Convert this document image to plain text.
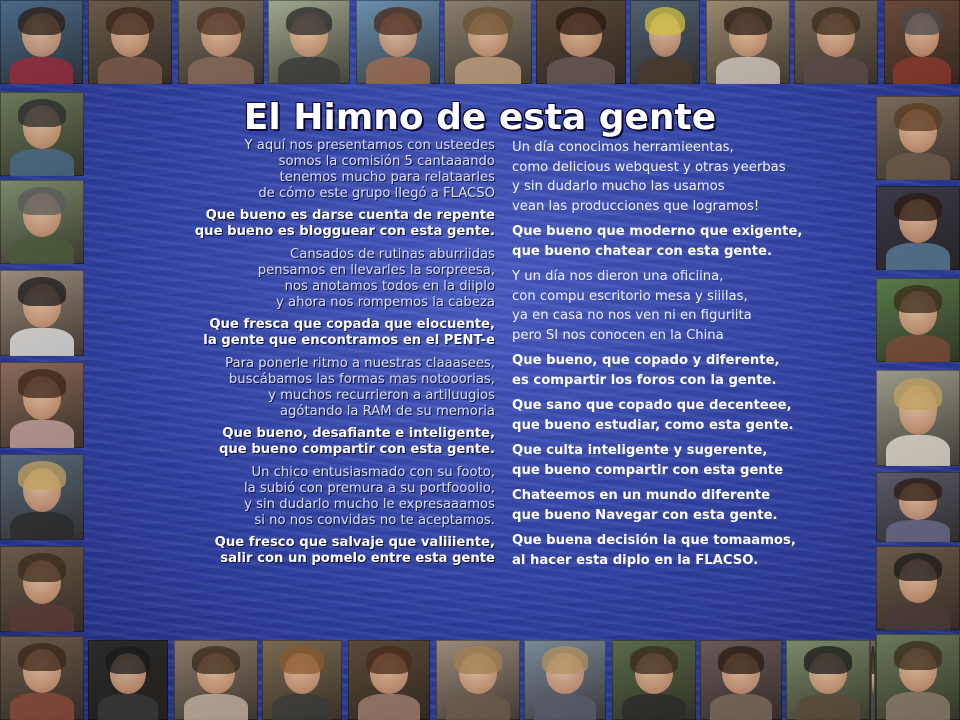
El Himno de esta gente
Y aquí nos presentamos con usteedes
somos la comisión 5 cantaaando
tenemos mucho para relataarles
de cómo este grupo llegó a FLACSO
Que bueno es darse cuenta de repente
que bueno es blogguear con esta gente.
Cansados de rutinas aburriidas
pensamos en llevarles la sorpreesa,
nos anotamos todos en la diiplo
y ahora nos rompemos la cabeza
Que fresca que copada que elocuente,
la gente que encontramos en el PENT-e
Para ponerle ritmo a nuestras claaasees,
buscábamos las formas mas notooorias,
y muchos recurrieron a artiluugios
agótando la RAM de su memoria
Que bueno, desafiante e inteligente,
que bueno compartir con esta gente.
Un chico entusiasmado con su footo,
la subió con premura a su portfooolio,
y sin dudarlo mucho le expresaaamos
si no nos convidas no te aceptamos.
Que fresco que salvaje que valiiiente,
salir con un pomelo entre esta gente
Un día conocimos herramieentas,
como delicious webquest y otras yeerbas
y sin dudarlo mucho las usamos
vean las producciones que logramos!
Que bueno que moderno que exigente,
que bueno chatear con esta gente.
Y un día nos dieron una oficiina,
con compu escritorio mesa y siiilas,
ya en casa no nos ven ni en figuriita
pero SI nos conocen en la China
Que bueno, que copado y diferente,
es compartir los foros con la gente.
Que sano que copado que decenteee,
que bueno estudiar, como esta gente.
Que culta inteligente y sugerente,
que bueno compartir con esta gente
Chateemos en un mundo diferente
que bueno Navegar con esta gente.
Que buena decisión la que tomaamos,
al hacer esta diplo en la FLACSO.
